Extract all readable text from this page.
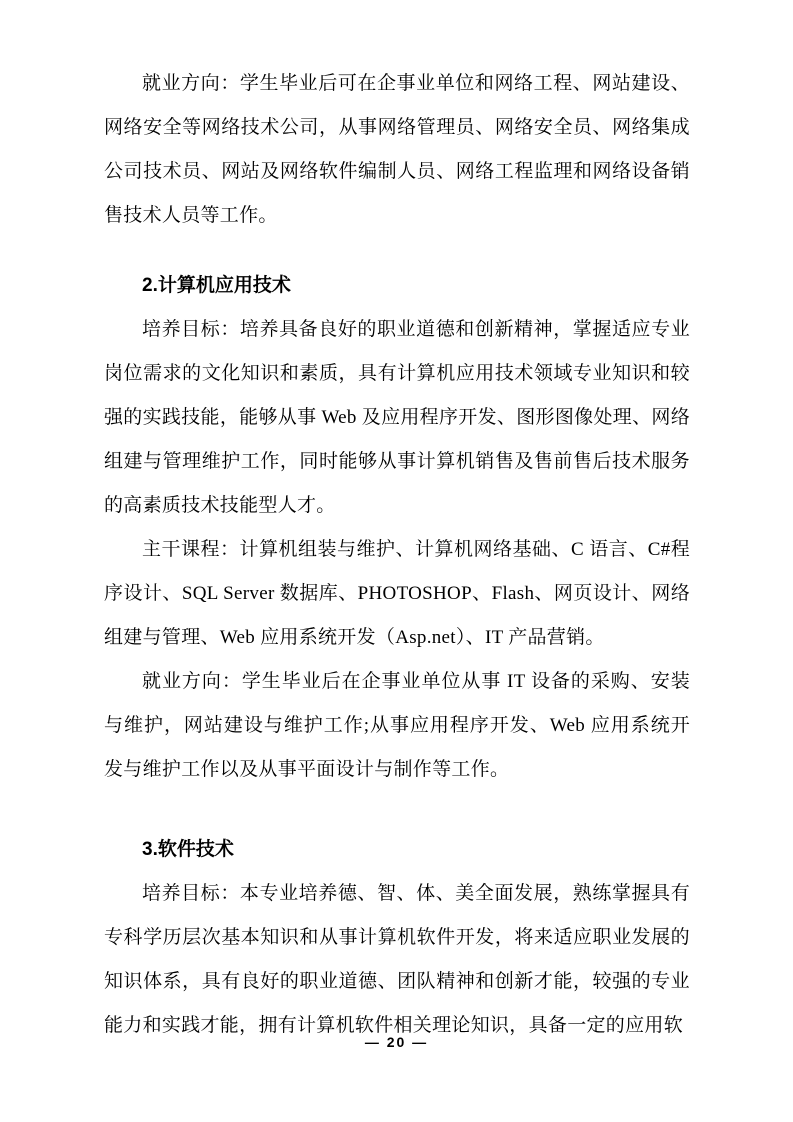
就业方向：学生毕业后可在企事业单位和网络工程、网站建设、网络安全等网络技术公司，从事网络管理员、网络安全员、网络集成公司技术员、网站及网络软件编制人员、网络工程监理和网络设备销售技术人员等工作。

2.计算机应用技术

培养目标：培养具备良好的职业道德和创新精神，掌握适应专业岗位需求的文化知识和素质，具有计算机应用技术领域专业知识和较强的实践技能，能够从事 Web 及应用程序开发、图形图像处理、网络组建与管理维护工作，同时能够从事计算机销售及售前售后技术服务的高素质技术技能型人才。

主干课程：计算机组装与维护、计算机网络基础、C 语言、C#程序设计、SQL Server 数据库、PHOTOSHOP、Flash、网页设计、网络组建与管理、Web 应用系统开发（Asp.net）、IT 产品营销。

就业方向：学生毕业后在企事业单位从事 IT 设备的采购、安装与维护，网站建设与维护工作;从事应用程序开发、Web 应用系统开发与维护工作以及从事平面设计与制作等工作。

3.软件技术

培养目标：本专业培养德、智、体、美全面发展，熟练掌握具有专科学历层次基本知识和从事计算机软件开发，将来适应职业发展的知识体系，具有良好的职业道德、团队精神和创新才能，较强的专业能力和实践才能，拥有计算机软件相关理论知识，具备一定的应用软

— 20 —
